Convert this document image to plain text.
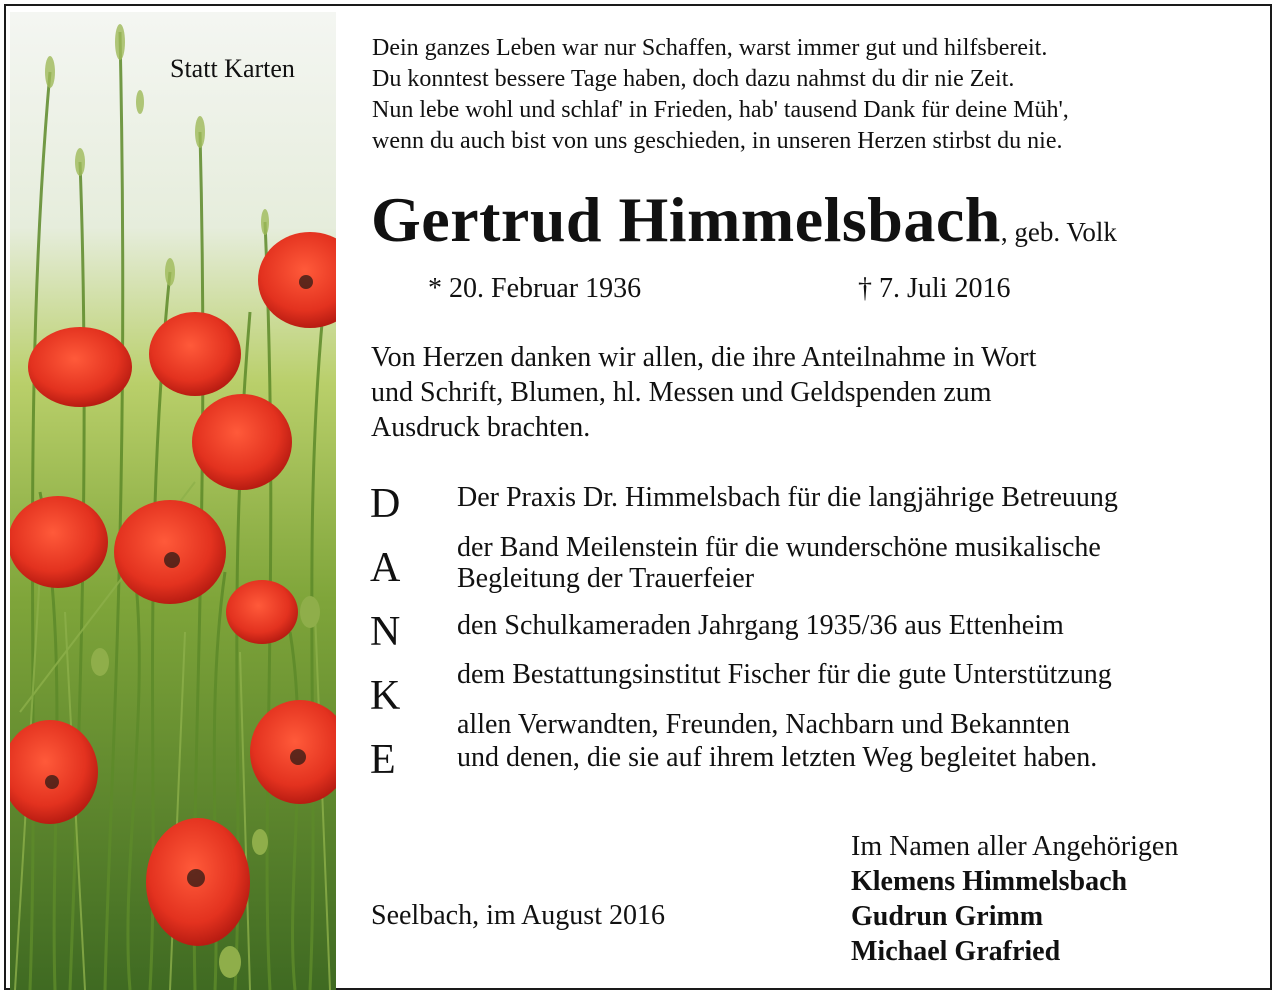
Statt Karten
Dein ganzes Leben war nur Schaffen, warst immer gut und hilfsbereit.
Du konntest bessere Tage haben, doch dazu nahmst du dir nie Zeit.
Nun lebe wohl und schlaf' in Frieden, hab' tausend Dank für deine Müh',
wenn du auch bist von uns geschieden, in unseren Herzen stirbst du nie.
Gertrud Himmelsbach, geb. Volk
* 20. Februar 1936	† 7. Juli 2016
Von Herzen danken wir allen, die ihre Anteilnahme in Wort
und Schrift, Blumen, hl. Messen und Geldspenden zum
Ausdruck brachten.
D
A
N
K
E
Der Praxis Dr. Himmelsbach für die langjährige Betreuung
der Band Meilenstein für die wunderschöne musikalische
Begleitung der Trauerfeier
den Schulkameraden Jahrgang 1935/36 aus Ettenheim
dem Bestattungsinstitut Fischer für die gute Unterstützung
allen Verwandten, Freunden, Nachbarn und Bekannten
und denen, die sie auf ihrem letzten Weg begleitet haben.
Seelbach, im August 2016
Im Namen aller Angehörigen
Klemens Himmelsbach
Gudrun Grimm
Michael Grafried
